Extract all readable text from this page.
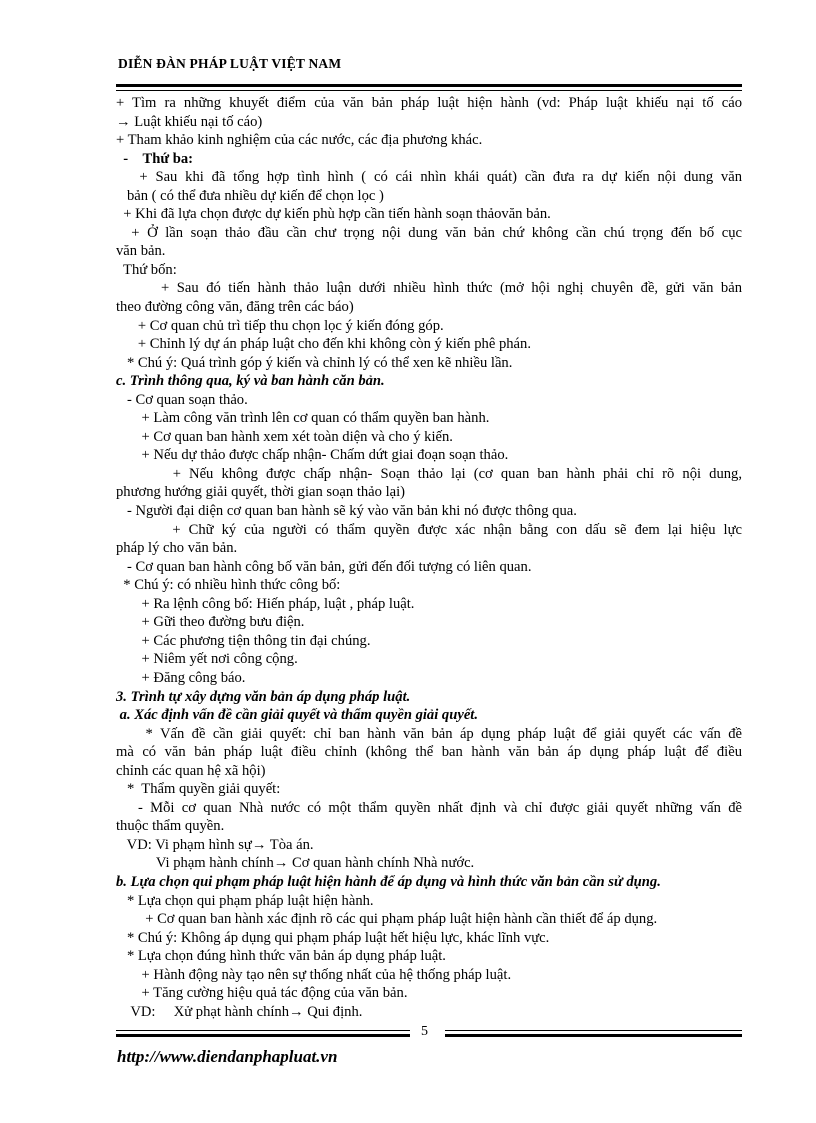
DIỄN ĐÀN PHÁP LUẬT VIỆT NAM
+ Tìm ra những khuyết điểm của văn bản pháp luật hiện hành (vd: Pháp luật khiếu nại tố cáo
→ Luật khiếu nại tố cáo)
+ Tham khảo kinh nghiệm của các nước, các địa phương khác.
-    Thứ ba:
+ Sau khi đã tổng hợp tình hình ( có cái nhìn khái quát) cần đưa ra dự kiến nội dung văn
bản ( có thể đưa nhiều dự kiến để chọn lọc )
+ Khi đã lựa chọn được dự kiến phù hợp cần tiến hành soạn thảovăn bản.
+ Ở lần soạn thảo đầu cần chư trọng nội dung văn bản chứ không cần chú trọng đến bố cục
văn bản.
Thứ bốn:
+ Sau đó tiến hành thảo luận dưới nhiều hình thức (mở hội nghị chuyên đề, gửi văn bản
theo đường công văn, đăng trên các báo)
+ Cơ quan chủ trì tiếp thu chọn lọc ý kiến đóng góp.
+ Chỉnh lý dự án pháp luật cho đến khi không còn ý kiến phê phán.
* Chú ý: Quá trình góp ý kiến và chỉnh lý có thể xen kẽ nhiều lần.
c. Trình thông qua, ký và ban hành căn bản.
- Cơ quan soạn thảo.
+ Làm công văn trình lên cơ quan có thẩm quyền ban hành.
+ Cơ quan ban hành xem xét toàn diện và cho ý kiến.
+ Nếu dự thảo được chấp nhận- Chấm dứt giai đoạn soạn thảo.
+ Nếu không được chấp nhận- Soạn thảo lại (cơ quan ban hành phải chỉ rõ nội dung,
phương hướng giải quyết, thời gian soạn thảo lại)
- Người đại diện cơ quan ban hành sẽ ký vào văn bản khi nó được thông qua.
+ Chữ ký của người có thẩm quyền được xác nhận bằng con dấu sẽ đem lại hiệu lực
pháp lý cho văn bản.
- Cơ quan ban hành công bố văn bản, gửi đến đối tượng có liên quan.
* Chú ý: có nhiều hình thức công bố:
+ Ra lệnh công bố: Hiến pháp, luật , pháp luật.
+ Gữi theo đường bưu điện.
+ Các phương tiện thông tin đại chúng.
+ Niêm yết nơi công cộng.
+ Đăng công báo.
3. Trình tự xây dựng văn bản áp dụng pháp luật.
a. Xác định vấn đề cần giải quyết và thẩm quyền giải quyết.
* Vấn đề cần giải quyết: chỉ ban hành văn bản áp dụng pháp luật để giải quyết các vấn đề
mà có văn bản pháp luật điều chỉnh (không thể ban hành văn bản áp dụng pháp luật để điều
chỉnh các quan hệ xã hội)
*  Thẩm quyền giải quyết:
- Mỗi cơ quan Nhà nước có một thẩm quyền nhất định và chỉ được giải quyết những vấn đề
thuộc thẩm quyền.
VD: Vi phạm hình sự→ Tòa án.
Vi phạm hành chính→ Cơ quan hành chính Nhà nước.
b. Lựa chọn qui phạm pháp luật hiện hành để áp dụng và hình thức văn bản cần sử dụng.
* Lựa chọn qui phạm pháp luật hiện hành.
+ Cơ quan ban hành xác định rõ các qui phạm pháp luật hiện hành cần thiết để áp dụng.
* Chú ý: Không áp dụng qui phạm pháp luật hết hiệu lực, khác lĩnh vực.
* Lựa chọn đúng hình thức văn bản áp dụng pháp luật.
+ Hành động này tạo nên sự thống nhất của hệ thống pháp luật.
+ Tăng cường hiệu quả tác động của văn bản.
VD:     Xử phạt hành chính→ Qui định.
5
http://www.diendanphapluat.vn
